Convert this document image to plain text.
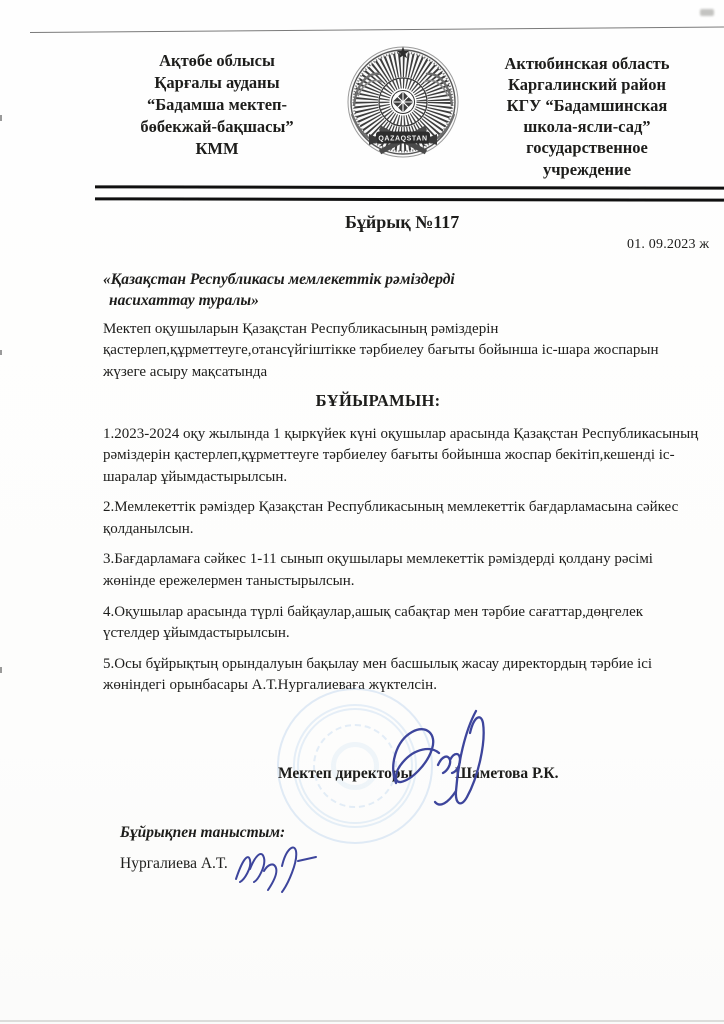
Ақтөбе облысы
Қарғалы ауданы
“Бадамша мектеп-
бөбекжай-бақшасы”
КММ	QAZAQSTAN
Актюбинская область
Каргалинский район
КГУ “Бадамшинская
школа-ясли-сад”
государственное
учреждение
Бұйрық №117
01. 09.2023 ж
«Қазақстан Республикасы мемлекеттік рәміздерді
насихаттау туралы»
Мектеп оқушыларын Қазақстан Республикасының рәміздерін қастерлеп,құрметтеуге,отансүйгіштікке тәрбиелеу бағыты бойынша іс-шара жоспарын жүзеге асыру мақсатында
БҰЙЫРАМЫН:

1.2023-2024 оқу жылында 1 қыркүйек күні оқушылар арасында Қазақстан Республикасының рәміздерін қастерлеп,құрметтеуге тәрбиелеу бағыты бойынша жоспар бекітіп,кешенді іс-шаралар ұйымдастырылсын.

2.Мемлекеттік рәміздер Қазақстан Республикасының мемлекеттік бағдарламасына сәйкес қолданылсын.

3.Бағдарламаға сәйкес 1-11 сынып оқушылары мемлекеттік рәміздерді қолдану рәсімі жөнінде ережелермен таныстырылсын.

4.Оқушылар арасында түрлі байқаулар,ашық сабақтар мен тәрбие сағаттар,дөңгелек үстелдер ұйымдастырылсын.

5.Осы бұйрықтың орындалуын бақылау мен басшылық жасау директордың тәрбие ісі жөніндегі орынбасары А.Т.Нургалиеваға жүктелсін.

Мектеп директоры	Шаметова Р.К.
Бұйрықпен таныстым:
Нургалиева А.Т.
